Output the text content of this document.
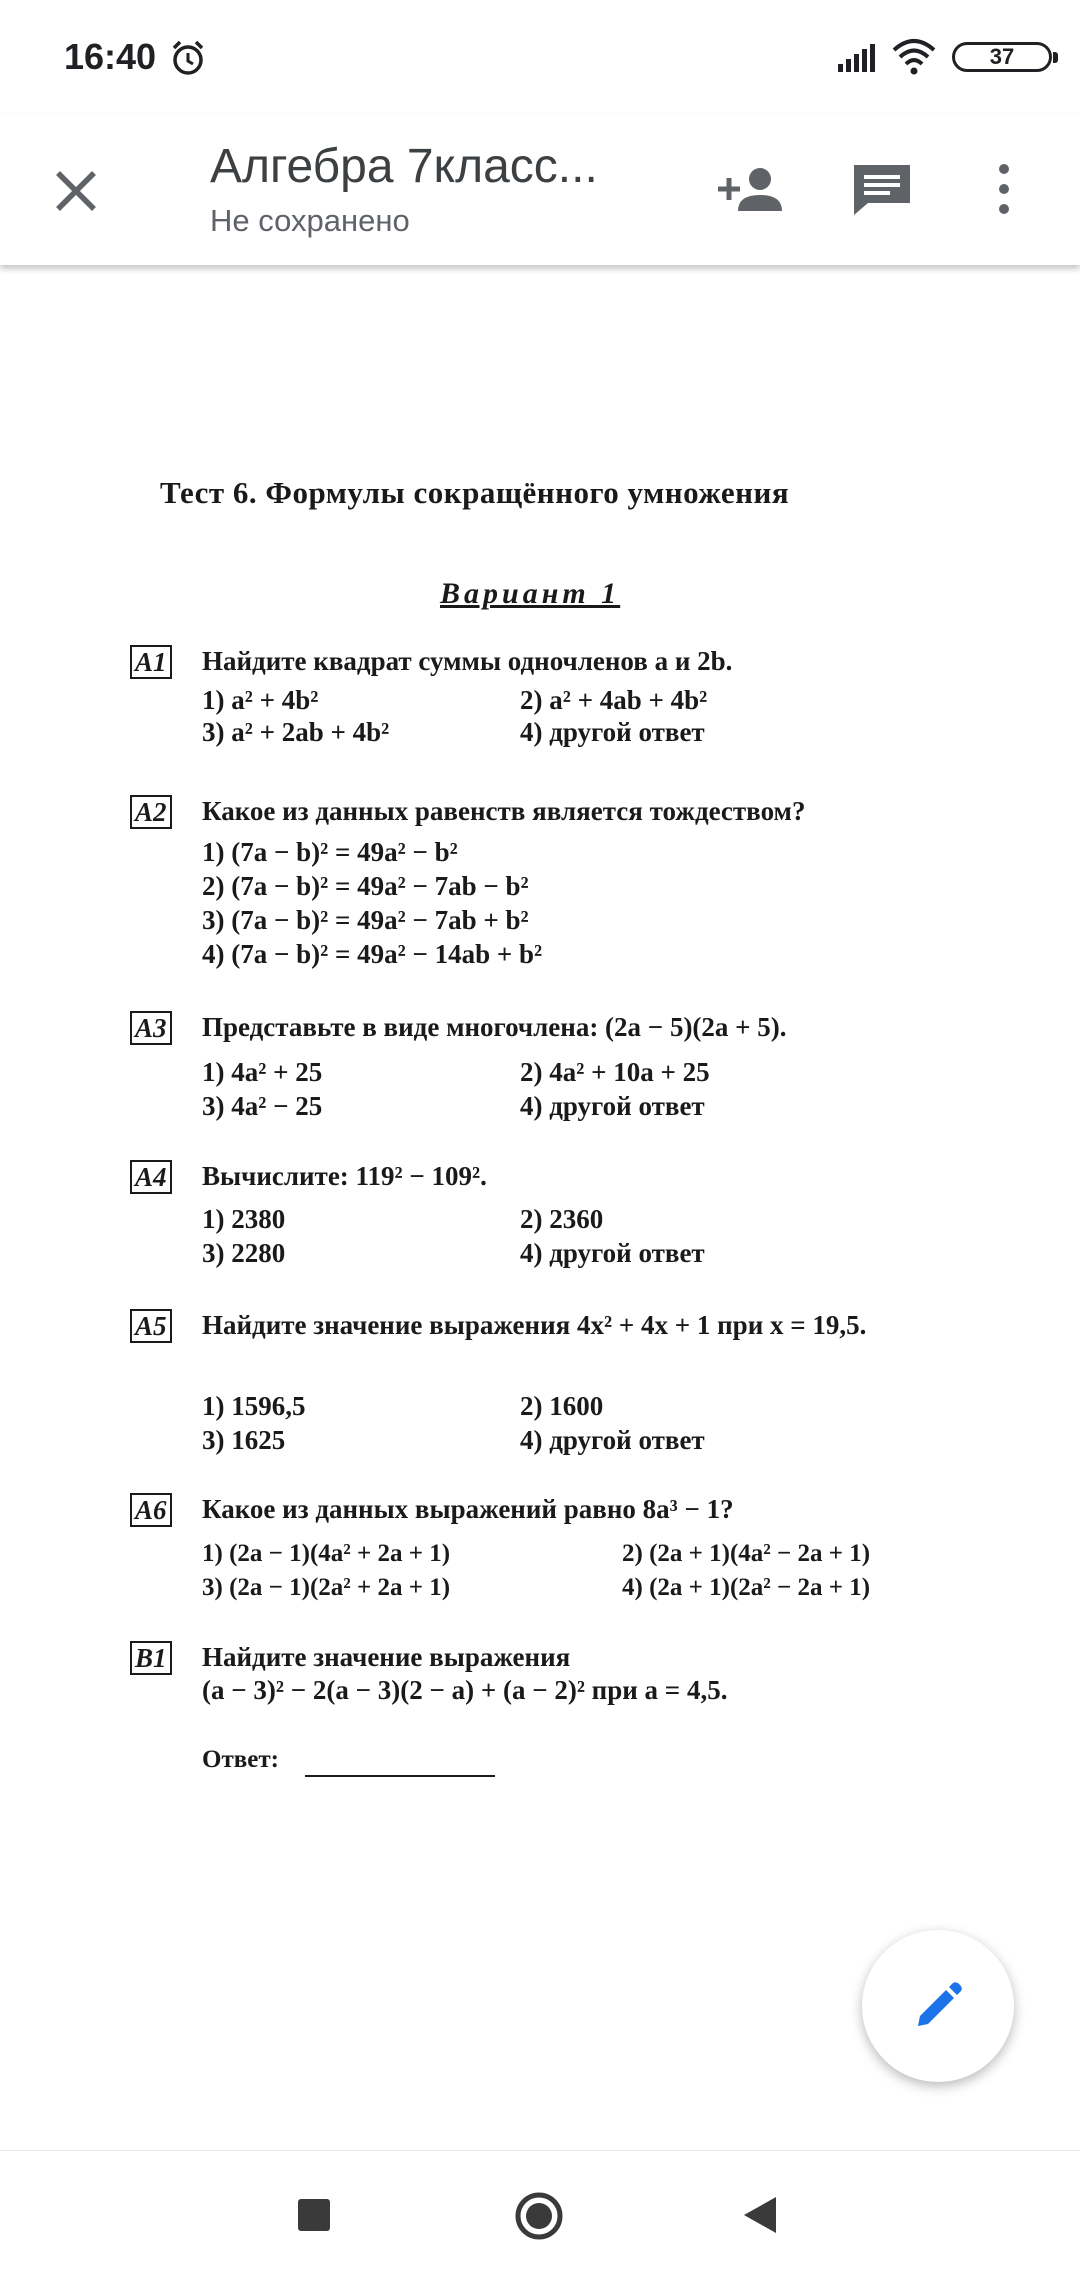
16:40	37
Алгебра 7класс...
Не сохранено
Тест 6. Формулы сокращённого умножения
Вариант 1
A1 Найдите квадрат суммы одночленов a и 2b.
1) a² + 4b²	2) a² + 4ab + 4b²
3) a² + 2ab + 4b²	4) другой ответ
A2 Какое из данных равенств является тождеством?
1) (7a − b)² = 49a² − b²
2) (7a − b)² = 49a² − 7ab − b²
3) (7a − b)² = 49a² − 7ab + b²
4) (7a − b)² = 49a² − 14ab + b²
A3 Представьте в виде многочлена: (2a − 5)(2a + 5).
1) 4a² + 25	2) 4a² + 10a + 25
3) 4a² − 25	4) другой ответ
A4 Вычислите: 119² − 109².
1) 2380	2) 2360
3) 2280	4) другой ответ
A5 Найдите значение выражения 4x² + 4x + 1 при x = 19,5.
1) 1596,5	2) 1600
3) 1625	4) другой ответ
A6 Какое из данных выражений равно 8a³ − 1?
1) (2a − 1)(4a² + 2a + 1)	2) (2a + 1)(4a² − 2a + 1)
3) (2a − 1)(2a² + 2a + 1)	4) (2a + 1)(2a² − 2a + 1)
B1 Найдите значение выражения
(a − 3)² − 2(a − 3)(2 − a) + (a − 2)² при a = 4,5.
Ответ:
